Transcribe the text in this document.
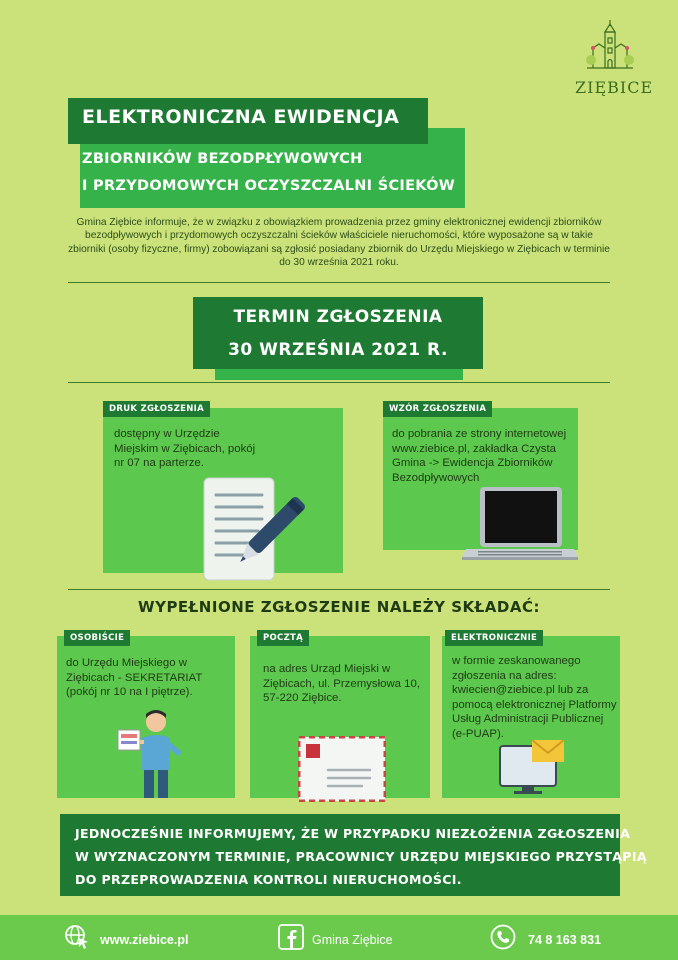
ZIĘBICE
ELEKTRONICZNA EWIDENCJA
ZBIORNIKÓW BEZODPŁYWOWYCH
I PRZYDOMOWYCH OCZYSZCZALNI ŚCIEKÓW
Gmina Ziębice informuje, że w związku z obowiązkiem prowadzenia przez gminy elektronicznej ewidencji zbiorników bezodpływowych i przydomowych oczyszczalni ścieków właściciele nieruchomości, które wyposażone są w takie zbiorniki (osoby fizyczne, firmy) zobowiązani są zgłosić posiadany zbiornik do Urzędu Miejskiego w Ziębicach w terminie do 30 września 2021 roku.
TERMIN ZGŁOSZENIA
30 WRZEŚNIA 2021 R.
DRUK ZGŁOSZENIA
dostępny w Urzędzie Miejskim w Ziębicach, pokój nr 07 na parterze.
WZÓR ZGŁOSZENIA
do pobrania ze strony internetowej www.ziebice.pl, zakładka Czysta Gmina -> Ewidencja Zbiorników Bezodpływowych
WYPEŁNIONE ZGŁOSZENIE NALEŻY SKŁADAĆ:
OSOBIŚCIE
do Urzędu Miejskiego w Ziębicach - SEKRETARIAT (pokój nr 10 na I piętrze).
POCZTĄ
na adres Urząd Miejski w Ziębicach, ul. Przemysłowa 10, 57-220 Ziębice.
ELEKTRONICZNIE
w formie zeskanowanego zgłoszenia na adres: kwiecien@ziebice.pl lub za pomocą elektronicznej Platformy Usług Administracji Publicznej (e-PUAP).
JEDNOCZEŚNIE INFORMUJEMY, ŻE W PRZYPADKU NIEZŁOŻENIA ZGŁOSZENIA
W WYZNACZONYM TERMINIE, PRACOWNICY URZĘDU MIEJSKIEGO PRZYSTĄPIĄ
DO PRZEPROWADZENIA KONTROLI NIERUCHOMOŚCI.
www.ziebice.pl	Gmina Ziębice	74 8 163 831
